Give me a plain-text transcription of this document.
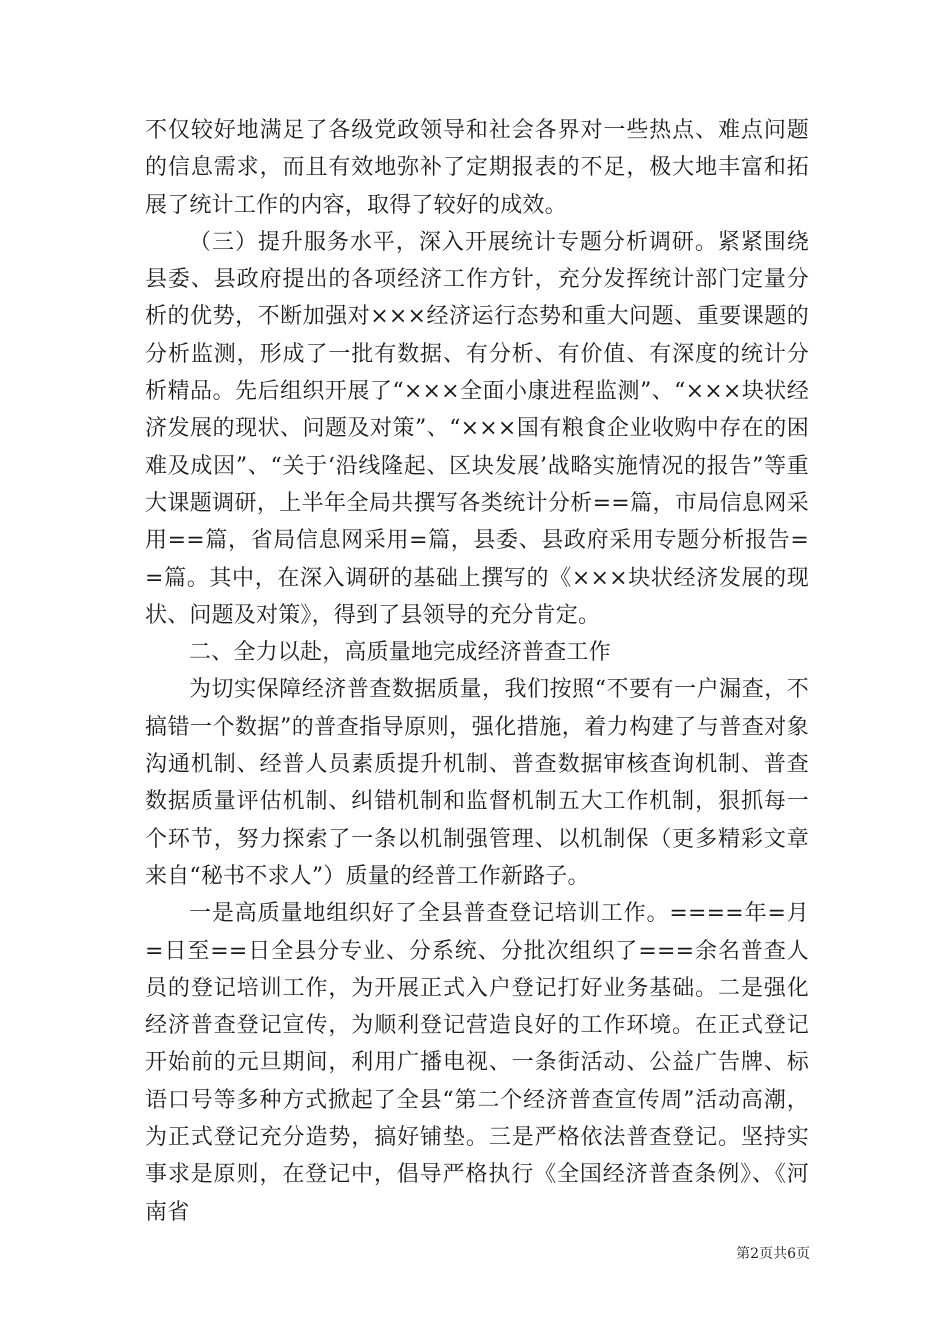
不仅较好地满足了各级党政领导和社会各界对一些热点、难点问题的信息需求，而且有效地弥补了定期报表的不足，极大地丰富和拓展了统计工作的内容，取得了较好的成效。

（三）提升服务水平，深入开展统计专题分析调研。紧紧围绕县委、县政府提出的各项经济工作方针，充分发挥统计部门定量分析的优势，不断加强对×××经济运行态势和重大问题、重要课题的分析监测，形成了一批有数据、有分析、有价值、有深度的统计分析精品。先后组织开展了“×××全面小康进程监测”、“×××块状经济发展的现状、问题及对策”、“×××国有粮食企业收购中存在的困难及成因”、“关于‘沿线隆起、区块发展’战略实施情况的报告”等重大课题调研，上半年全局共撰写各类统计分析==篇，市局信息网采用==篇，省局信息网采用=篇，县委、县政府采用专题分析报告==篇。其中，在深入调研的基础上撰写的《×××块状经济发展的现状、问题及对策》，得到了县领导的充分肯定。

二、全力以赴，高质量地完成经济普查工作

为切实保障经济普查数据质量，我们按照“不要有一户漏查，不搞错一个数据”的普查指导原则，强化措施，着力构建了与普查对象沟通机制、经普人员素质提升机制、普查数据审核查询机制、普查数据质量评估机制、纠错机制和监督机制五大工作机制，狠抓每一个环节，努力探索了一条以机制强管理、以机制保（更多精彩文章来自“秘书不求人”）质量的经普工作新路子。

一是高质量地组织好了全县普查登记培训工作。====年=月=日至==日全县分专业、分系统、分批次组织了===余名普查人员的登记培训工作，为开展正式入户登记打好业务基础。二是强化经济普查登记宣传，为顺利登记营造良好的工作环境。在正式登记开始前的元旦期间，利用广播电视、一条街活动、公益广告牌、标语口号等多种方式掀起了全县“第二个经济普查宣传周”活动高潮，为正式登记充分造势，搞好铺垫。三是严格依法普查登记。坚持实事求是原则，在登记中，倡导严格执行《全国经济普查条例》、《河南省

第2页共6页
